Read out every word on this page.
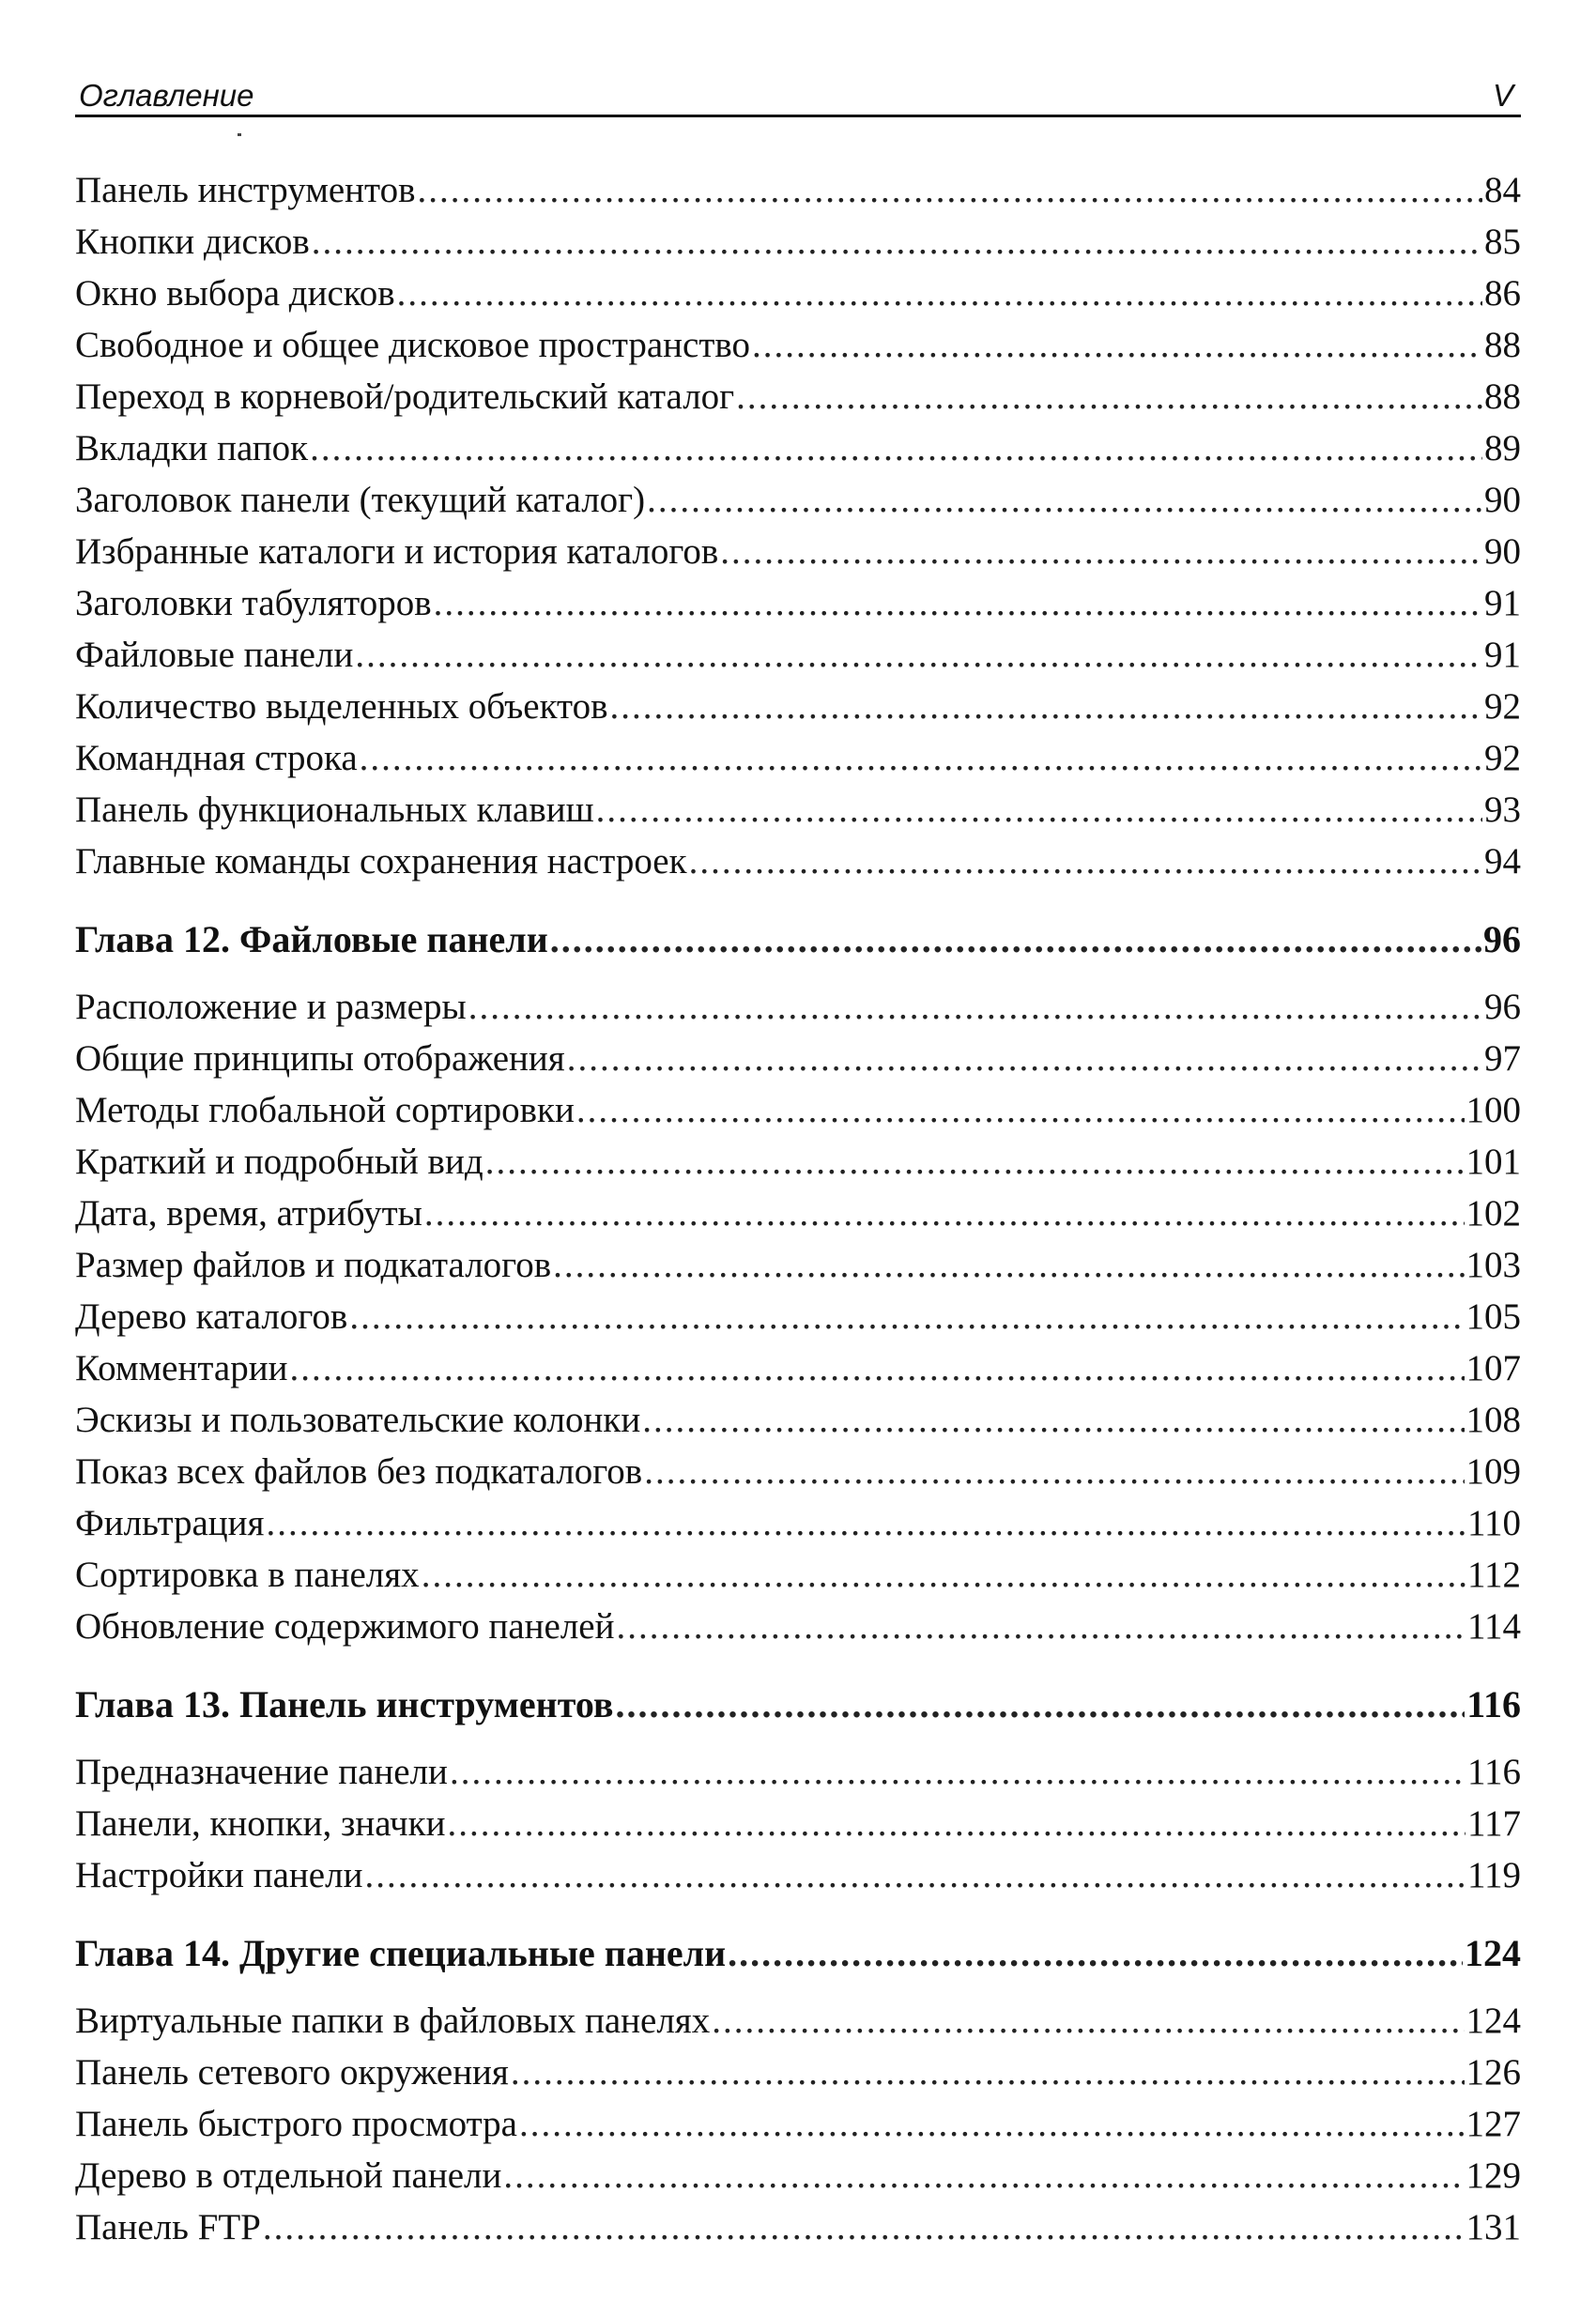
Оглавление	V
Панель инструментов .....	84
Кнопки дисков .....	85
Окно выбора дисков .....	86
Свободное и общее дисковое пространство .....	88
Переход в корневой/родительский каталог .....	88
Вкладки папок .....	89
Заголовок панели (текущий каталог) .....	90
Избранные каталоги и история каталогов .....	90
Заголовки табуляторов .....	91
Файловые панели .....	91
Количество выделенных объектов .....	92
Командная строка .....	92
Панель функциональных клавиш .....	93
Главные команды сохранения настроек .....	94
Глава 12. Файловые панели .....	96
Расположение и размеры .....	96
Общие принципы отображения .....	97
Методы глобальной сортировки .....	100
Краткий и подробный вид .....	101
Дата, время, атрибуты .....	102
Размер файлов и подкаталогов .....	103
Дерево каталогов .....	105
Комментарии .....	107
Эскизы и пользовательские колонки .....	108
Показ всех файлов без подкаталогов .....	109
Фильтрация .....	110
Сортировка в панелях .....	112
Обновление содержимого панелей .....	114
Глава 13. Панель инструментов .....	116
Предназначение панели .....	116
Панели, кнопки, значки .....	117
Настройки панели .....	119
Глава 14. Другие специальные панели .....	124
Виртуальные папки в файловых панелях .....	124
Панель сетевого окружения .....	126
Панель быстрого просмотра .....	127
Дерево в отдельной панели .....	129
Панель FTP .....	131
